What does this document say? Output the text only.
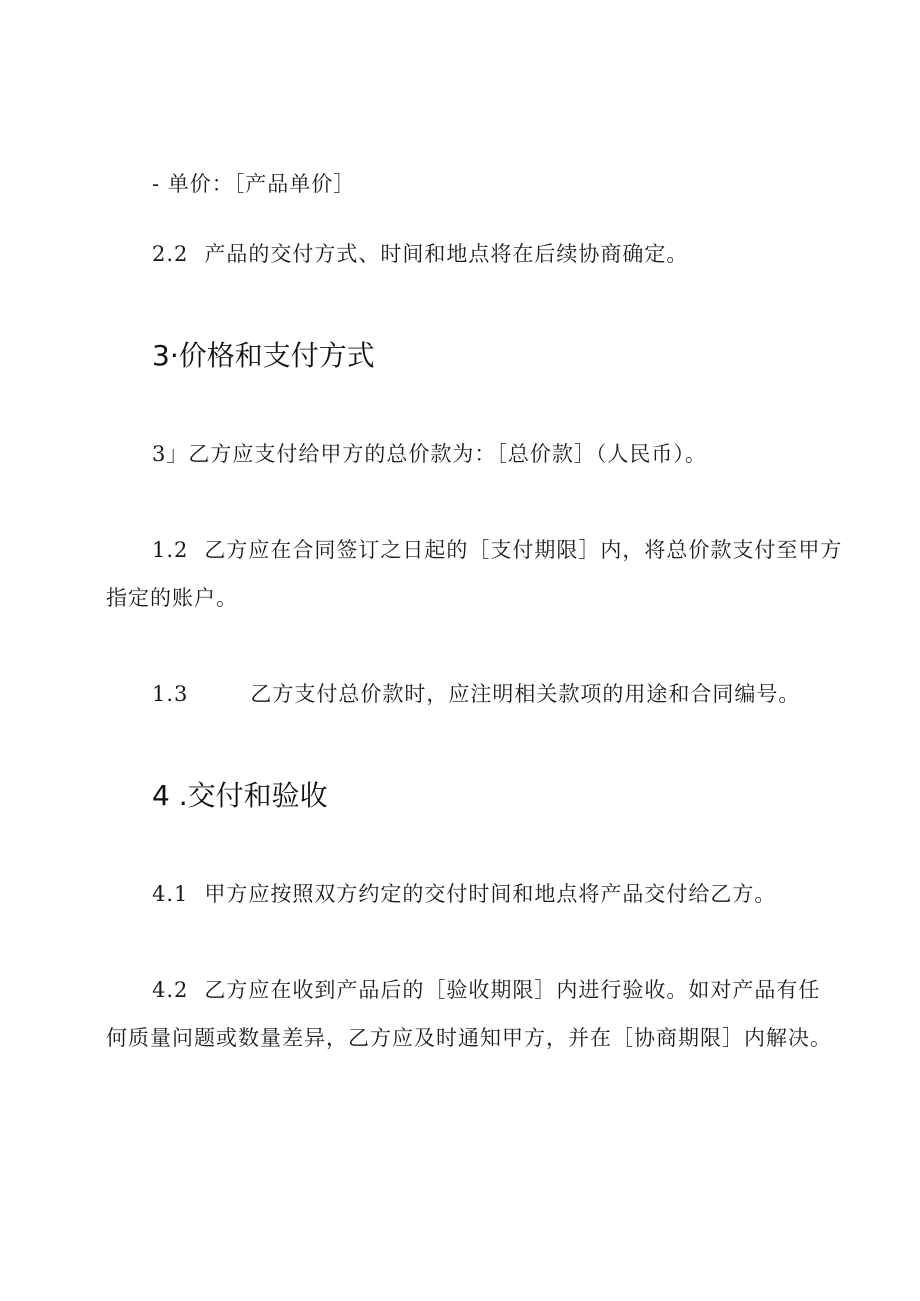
- 单价：［产品单价］
2.2 产品的交付方式、时间和地点将在后续协商确定。
3·价格和支付方式
3」乙方应支付给甲方的总价款为：［总价款］（人民币）。
1.2 乙方应在合同签订之日起的［支付期限］内，将总价款支付至甲方
指定的账户。
1.3	乙方支付总价款时，应注明相关款项的用途和合同编号。
4 .交付和验收
4.1 甲方应按照双方约定的交付时间和地点将产品交付给乙方。
4.2 乙方应在收到产品后的［验收期限］内进行验收。如对产品有任
何质量问题或数量差异，乙方应及时通知甲方，并在［协商期限］内解决。
